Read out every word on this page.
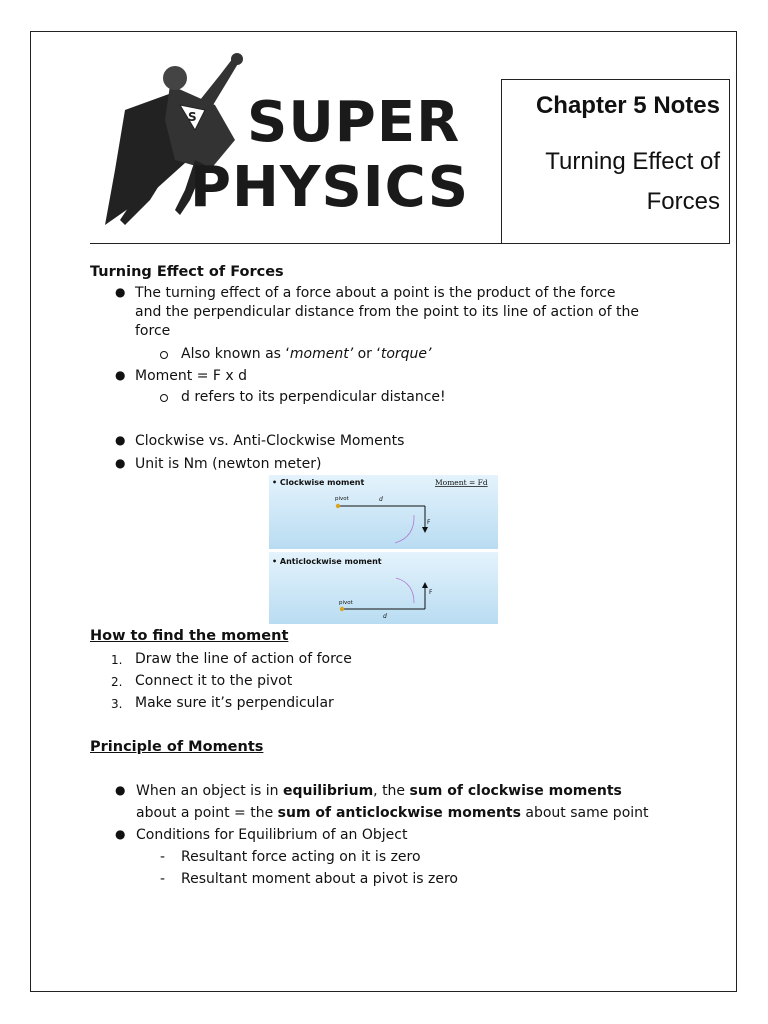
S SUPER
PHYSICS
Chapter 5 Notes
Turning Effect of
Forces
Turning Effect of Forces
● The turning effect of a force about a point is the product of the force
and the perpendicular distance from the point to its line of action of the
force
Also known as ‘moment’ or ‘torque’
● Moment = F x d
d refers to its perpendicular distance!
● Clockwise vs. Anti-Clockwise Moments
● Unit is Nm (newton meter)
• Clockwise moment	Moment = Fd
pivot	d
F
• Anticlockwise moment
pivot
F
d
How to find the moment
1. Draw the line of action of force
2. Connect it to the pivot
3. Make sure it’s perpendicular
Principle of Moments
● When an object is in equilibrium, the sum of clockwise moments
about a point = the sum of anticlockwise moments about same point
● Conditions for Equilibrium of an Object
- Resultant force acting on it is zero
- Resultant moment about a pivot is zero
